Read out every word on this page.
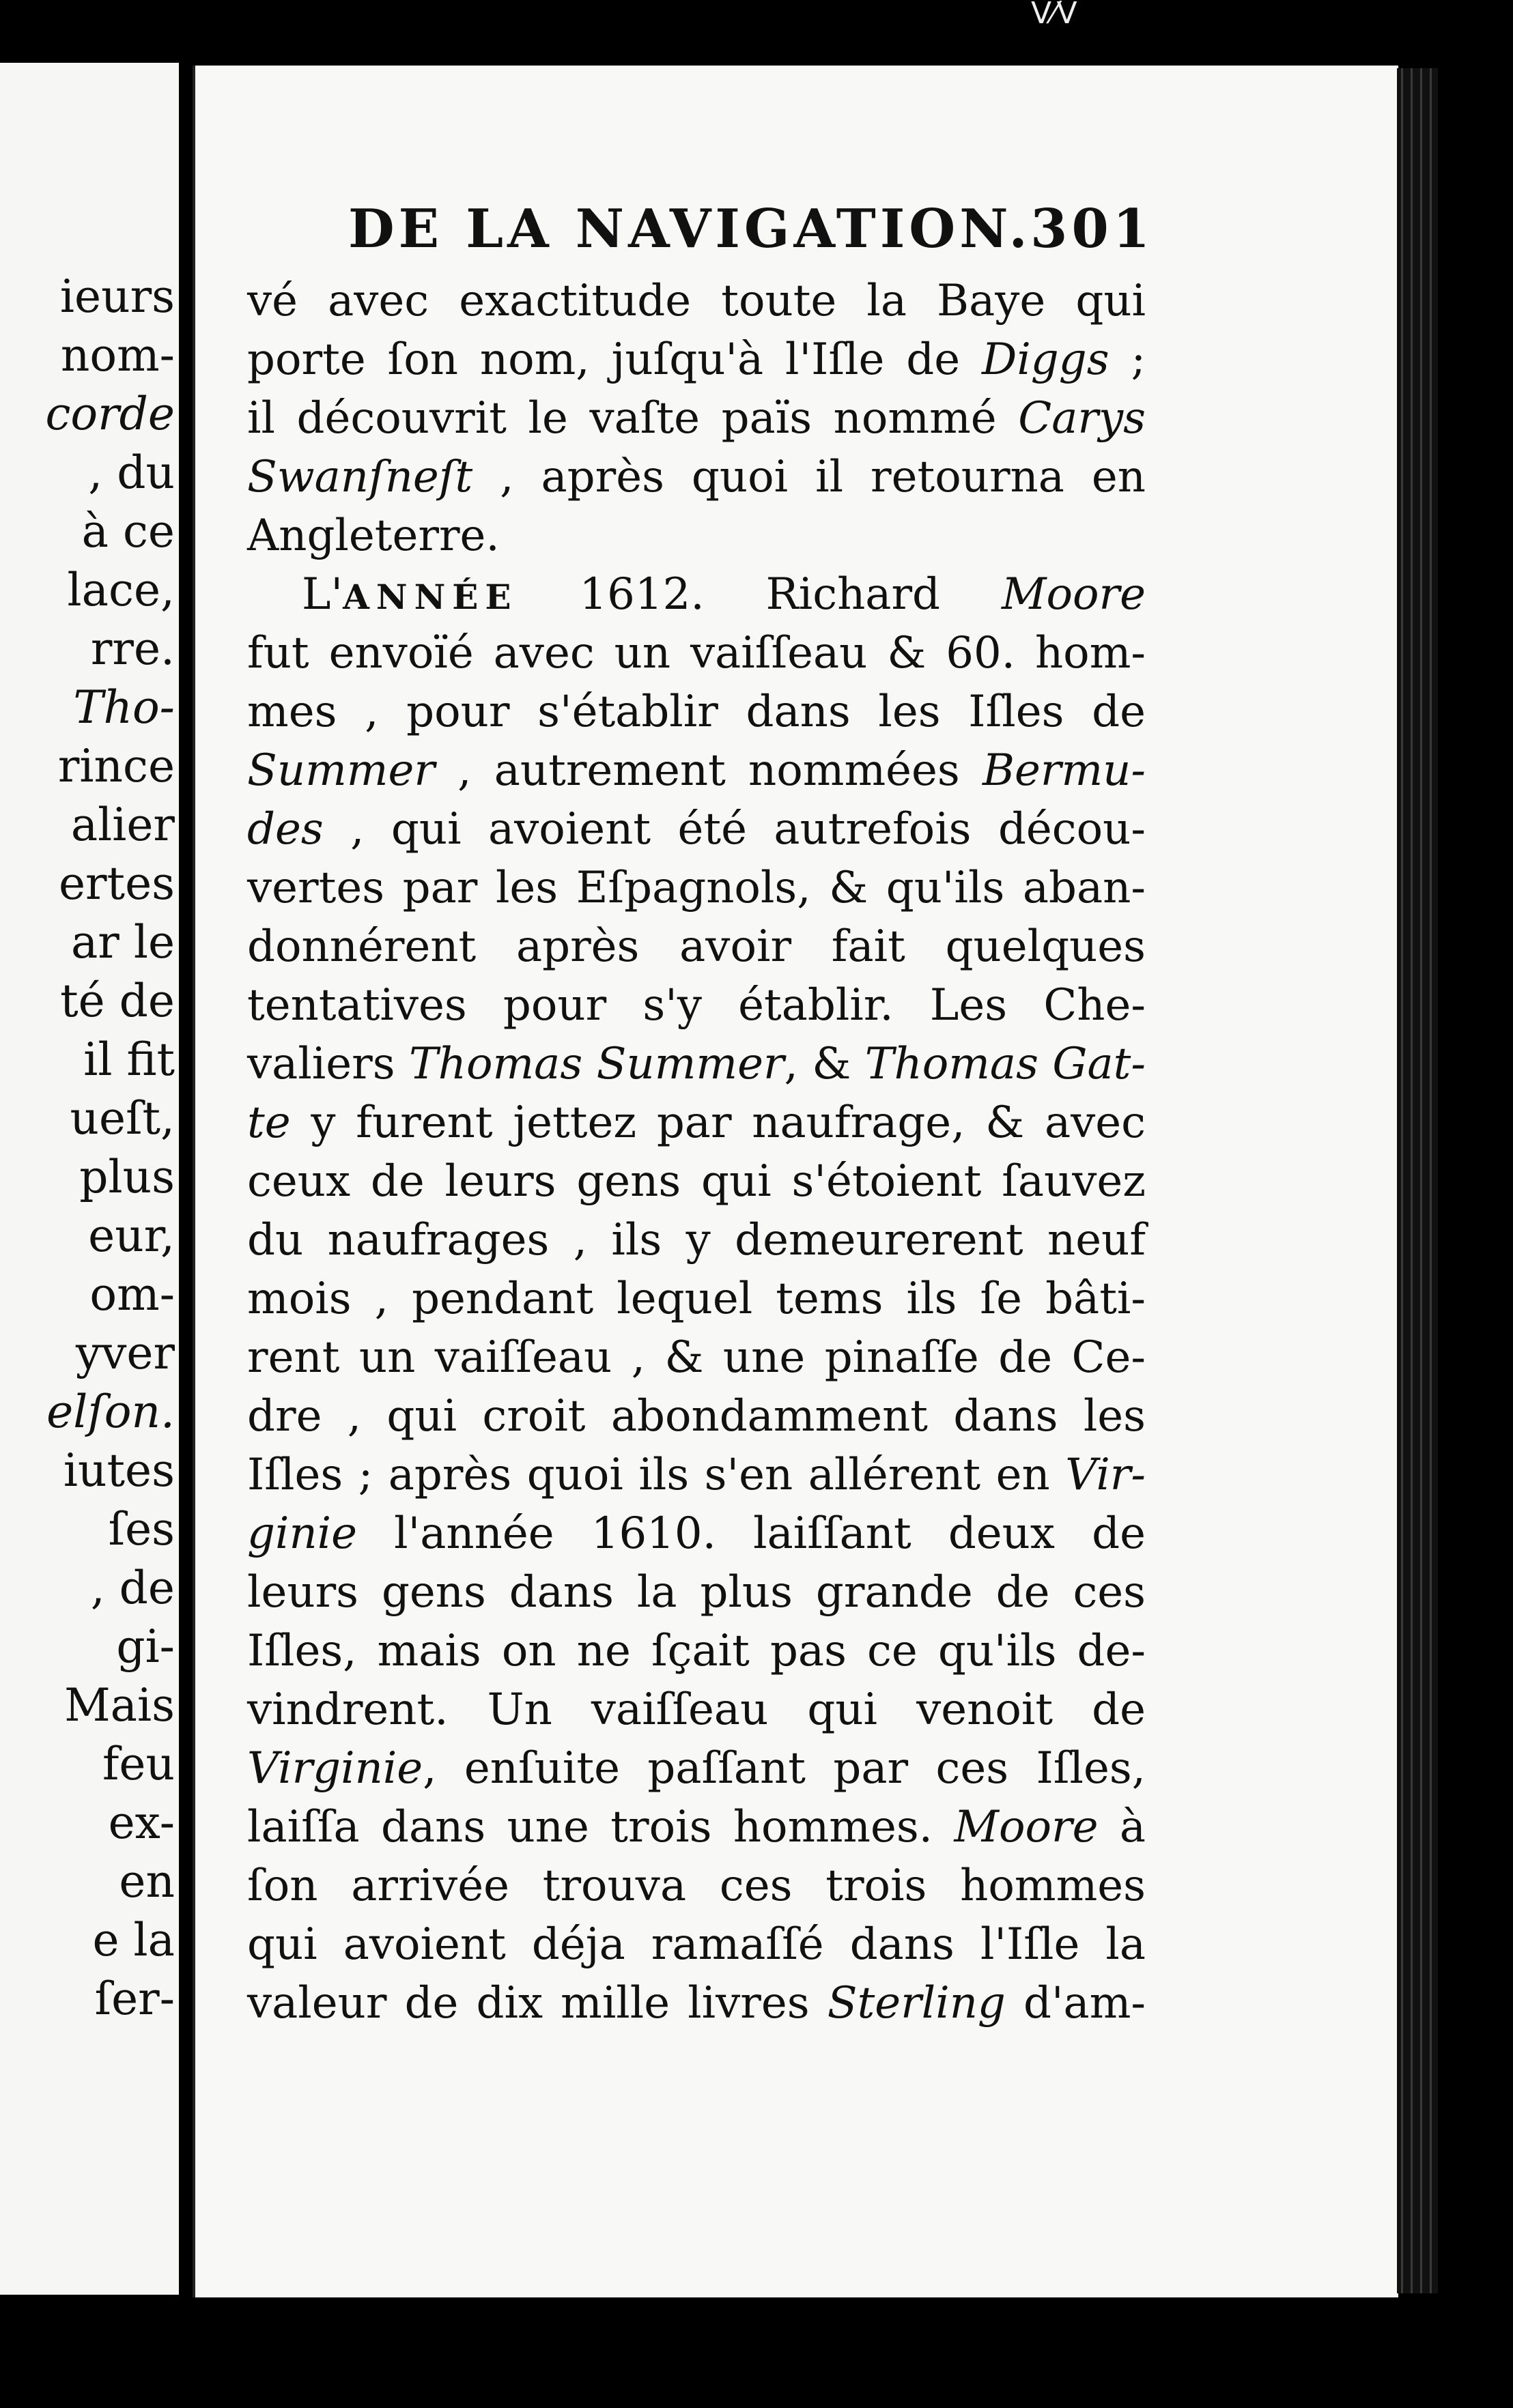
ᐯ⁄ᐯ
ieurs
nom-
corde
, du
à ce
lace,
rre.
Tho-
rince
alier
ertes
ar le
té de
il fit
ueſt,
plus
eur,
om-
yver
elſon.
iutes
ſes
, de
gi-
Mais
feu
ex-
en
e la
ſer-
DE LA NAVIGATION.
301
vé avec exactitude toute la Baye qui
porte ſon nom, juſqu'à l'Iſle de Diggs ;
il découvrit le vaſte païs nommé Carys
Swanſneſt , après quoi il retourna en
Angleterre.
L'ANNÉE 1612. Richard Moore
fut envoïé avec un vaiſſeau & 60. hom-
mes , pour s'établir dans les Iſles de
Summer , autrement nommées Bermu-
des , qui avoient été autrefois décou-
vertes par les Eſpagnols, & qu'ils aban-
donnérent après avoir fait quelques
tentatives pour s'y établir. Les Che-
valiers Thomas Summer, & Thomas Gat-
te y furent jettez par naufrage, & avec
ceux de leurs gens qui s'étoient ſauvez
du naufrages , ils y demeurerent neuf
mois , pendant lequel tems ils ſe bâti-
rent un vaiſſeau , & une pinaſſe de Ce-
dre , qui croit abondamment dans les
Iſles ; après quoi ils s'en allérent en Vir-
ginie l'année 1610. laiſſant deux de
leurs gens dans la plus grande de ces
Iſles, mais on ne ſçait pas ce qu'ils de-
vindrent. Un vaiſſeau qui venoit de
Virginie, enſuite paſſant par ces Iſles,
laiſſa dans une trois hommes. Moore à
ſon arrivée trouva ces trois hommes
qui avoient déja ramaſſé dans l'Iſle la
valeur de dix mille livres Sterling d'am-
